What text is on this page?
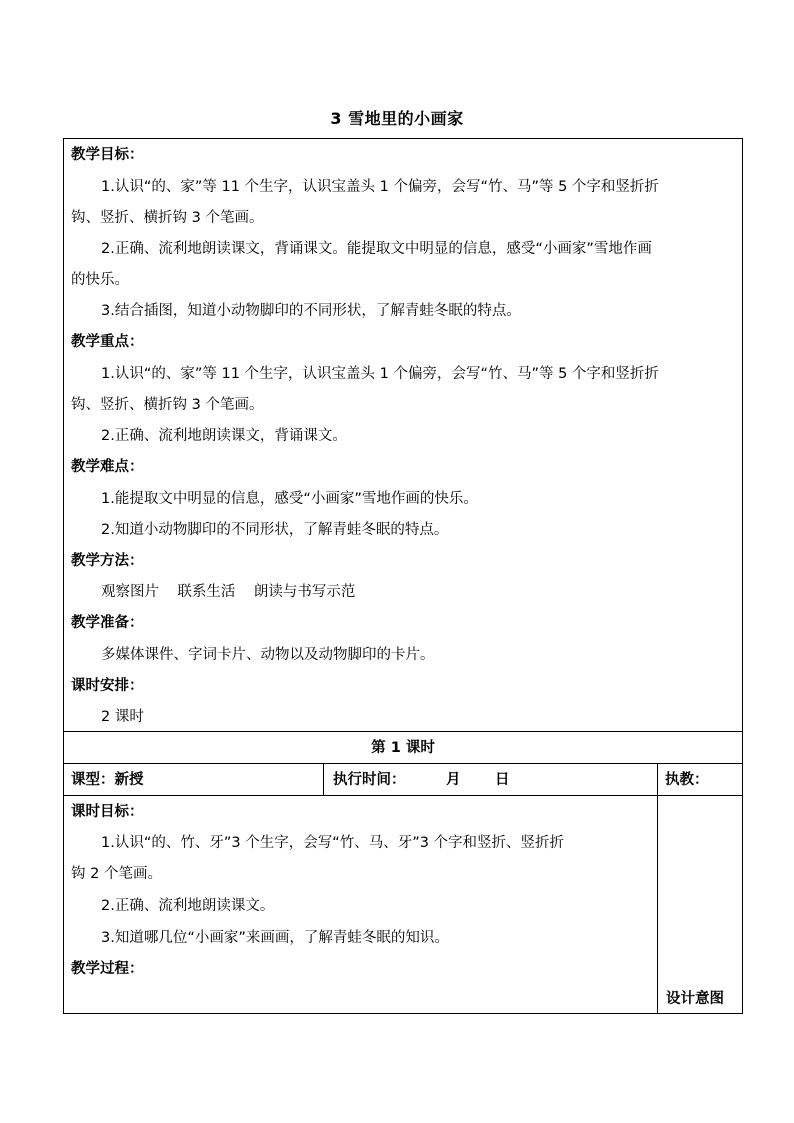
3 雪地里的小画家
教学目标：
1.认识“的、家”等 11 个生字，认识宝盖头 1 个偏旁，会写“竹、马”等 5 个字和竖折折
钩、竖折、横折钩 3 个笔画。
2.正确、流利地朗读课文，背诵课文。能提取文中明显的信息，感受“小画家”雪地作画
的快乐。
3.结合插图，知道小动物脚印的不同形状，了解青蛙冬眠的特点。
教学重点：
1.认识“的、家”等 11 个生字，认识宝盖头 1 个偏旁，会写“竹、马”等 5 个字和竖折折
钩、竖折、横折钩 3 个笔画。
2.正确、流利地朗读课文，背诵课文。
教学难点：
1.能提取文中明显的信息，感受“小画家”雪地作画的快乐。
2.知道小动物脚印的不同形状，了解青蛙冬眠的特点。
教学方法：
观察图片    联系生活    朗读与书写示范
教学准备：
多媒体课件、字词卡片、动物以及动物脚印的卡片。
课时安排：
2 课时
第 1 课时
课型：新授	执行时间：	月 日	执教：
课时目标：
1.认识“的、竹、牙”3 个生字，会写“竹、马、牙”3 个字和竖折、竖折折
钩 2 个笔画。
2.正确、流利地朗读课文。
3.知道哪几位“小画家”来画画，了解青蛙冬眠的知识。
教学过程：
设计意图
